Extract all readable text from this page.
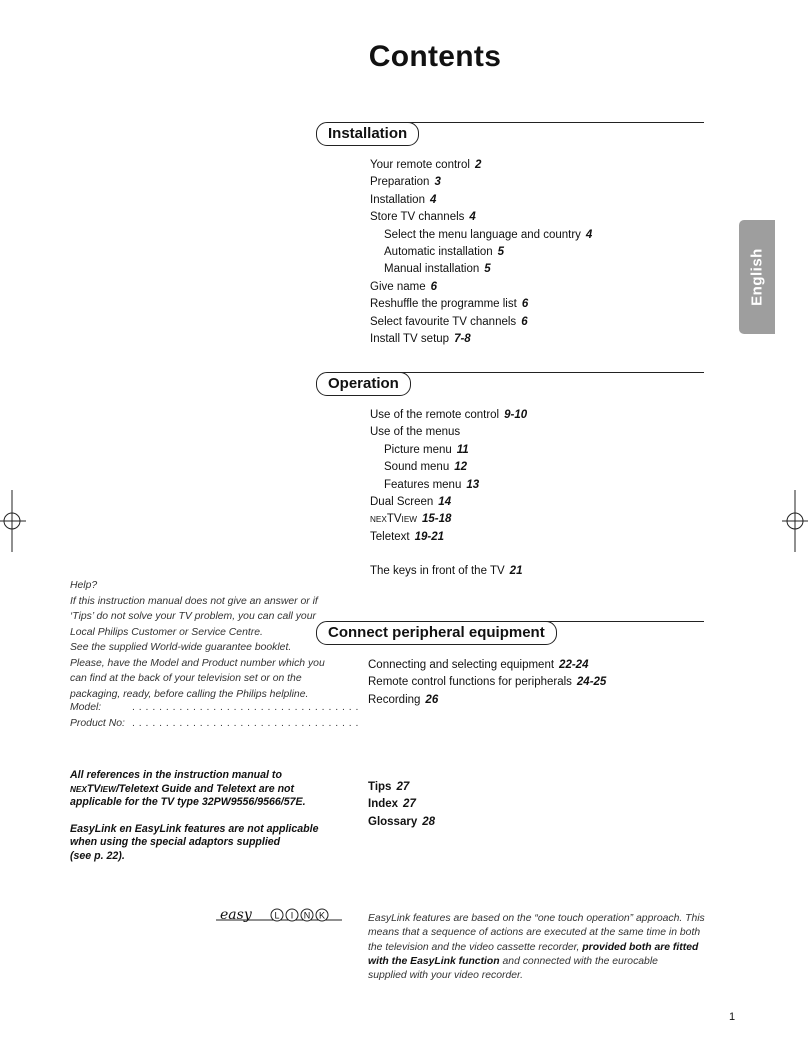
Contents
English
Installation
Your remote control 2
Preparation 3
Installation 4
Store TV channels 4
Select the menu language and country 4
Automatic installation 5
Manual installation 5
Give name 6
Reshuffle the programme list 6
Select favourite TV channels 6
Install TV setup 7-8
Operation
Use of the remote control 9-10
Use of the menus
Picture menu 11
Sound menu 12
Features menu 13
Dual Screen 14
NEXTVIEW 15-18
Teletext 19-21
The keys in front of the TV 21
Connect peripheral equipment
Connecting and selecting equipment 22-24
Remote control functions for peripherals 24-25
Recording 26
Tips 27
Index 27
Glossary 28
Help?
If this instruction manual does not give an answer or if
‘Tips’ do not solve your TV problem, you can call your
Local Philips Customer or Service Centre.
See the supplied World-wide guarantee booklet.
Please, have the Model and Product number which you
can find at the back of your television set or on the
packaging, ready, before calling the Philips helpline.
Model:	. . . . . . . . . . . . . . . . . . . . . . . . . . . . . . . . . .
Product No: . . . . . . . . . . . . . . . . . . . . . . . . . . . . . . . . . .
All references in the instruction manual to
NEXTVIEW/Teletext Guide and Teletext are not
applicable for the TV type 32PW9556/9566/57E.
EasyLink en EasyLink features are not applicable
when using the special adaptors supplied
(see p. 22).
easy	L I N K	EasyLink features are based on the “one touch operation” approach. This
means that a sequence of actions are executed at the same time in both
the television and the video cassette recorder, provided both are fitted
with the EasyLink function and connected with the eurocable
supplied with your video recorder.
1
